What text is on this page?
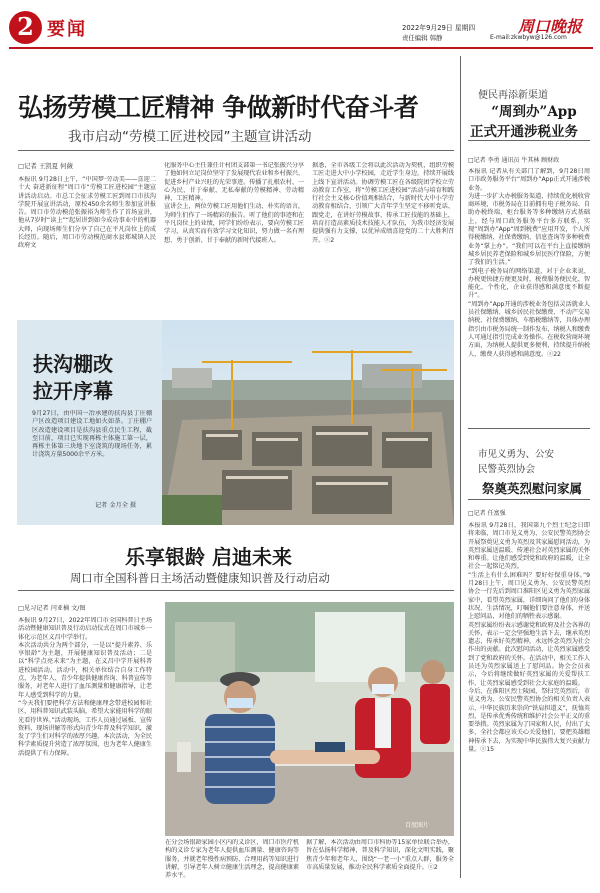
2 要闻	2022年9月29日 星期四
责任编辑 韩静
周口晚报
E-mail:zkwbyw@126.com
弘扬劳模工匠精神 争做新时代奋斗者
我市启动“劳模工匠进校园”主题宣讲活动
□记者 王凯夏 何薇
本报讯 9月28日上午，“中国梦·劳动美——喜迎二十大 奋进新征程”周口市“劳模工匠进校园”主题宣讲活动启动。市总工会征求劳模工匠到周口市扶沟学院开展宣讲活动，原校450余名师生参加宣讲报告。周口市劳动模范张振裕为师生作了首场宣讲，他从7岁时“读上”“起居讲到如今成功事业中的机器大师，向现场师生们分享了自己在平凡岗位上的成长经历。随后，周口市劳动模范商水县郑城镇人民政府文
化服务中心主任兼任计村团支部第一书记张振兴分享了他如何立足岗位坚守了发展现代农业和乡村振兴、促进乡村产业兴旺的光荣事迹。传播了扎根农村、一心为民、甘于奉献、无私奉献的劳模精神、劳动精神、工匠精神。
宣讲会上，两位劳模工匠用他们生动、朴实的语言，为师生们作了一场精彩的报告。听了他们的事迹和在平凡岗位上的业绩，同学们纷纷表示，要向劳模工匠学习，从真实而有效学习文化知识，努力做一名有理想、勇于创新、甘于奉献的新时代接班人。
据悉，全市各级工会将以此次活动为契机，组织劳模工匠走进大中小学校园，走近学生身边，持续开展线上线下宣讲活动。协调劳模工匠在各级院团学校立劳动教育工作室，将“劳模工匠进校园”活动与培育和践行社会主义核心价值观相结合，与新时代大中小学劳动教育相结合，引领广大青年学生坚定不移听党话、跟党走，在讲好劳模故事、传承工匠技能的基础上，培育打造高素质技术技能人才队伍，为我市经济发展提供强有力支撑，以优异成绩喜迎党的二十大胜利召开。ⓩ2
便民再添新渠道
“周到办”App
正式开通涉税业务
□记者 李勇 通讯员 牛其林 顾财政
本报讯 记者从有关部门了解到，9月28日周口市政务服务平台“周到办”App正式开通涉税业务。
为进一步扩大办税服务渠道，持续优化税收营商环境，市税务局在目前拥有电子税务局、自助办税终端、柜台服务等多种缴纳方式基础上，经与周口政务服务平台多方联系，实现“周到办”App“周到税费”应用开发，个人所得税缴纳、社保费缴纳、信息查询等多种税费业务“掌上办”。“我们可以在平台上直接缴纳城乡居民养老保险和城乡居民医疗保险，方便了我们的生活。”
“到电子税务局的网络渠道，对于企业来说，办税更快捷方便更及时，税费服务便民化、智能化、个性化，企业获得感和满意度不断提升”。
“周到办”App开通的涉税业务包括灵活就业人员社保缴纳、城乡居民社保缴费、不动产交易纳税、社保费缴纳、车船税缴纳等，具体办理指引由市税务局统一制作发布，纳税人和缴费人可通过指引完成业务操作。在税收营商环境方面，为纳税人提供更多便利，持续提升纳税人、缴费人获得感和满意度。ⓩ22
扶沟棚改
拉开序幕
9月27日，由中国一冶承建的扶沟县丁庄棚户区改造项目建设工地如火如荼。丁庄棚户区改造建设项目是扶沟县重点民生工程，截至目前，项目已实现再栋主体施工第一层，再栋主体第三块地下室浇筑的现场任务，累计浇筑方量5000余平方米。
记者 金月全 摄
市见义勇为、公安
民警英烈协会
祭奠英烈慰问家属
□记者 任富强
本报讯 9月28日，我国第九个烈士纪念日即将来临，周口市见义勇为、公安民警英烈协会开展祭奠见义勇为英烈及其家属慰问活动，为英烈家属送温暖、传递社会对英烈家属的关怀和尊重。让他们感受到党和政府的温暖，让全社会一起铭记英烈。
“生活上有什么困难吗？要好好保重身体。”9月28日上午，周口见义勇为、公安民警英烈协会一行先后到周口淮阳区见义勇为英烈家属家中，看望英烈家属，详细询问了他们的身体状况、生活情况，叮嘱他们要注意身体，并送上慰问品，对他们的牺牲表示感谢。
英烈家属纷纷表示感谢党和政府及社会各界的关怀，表示一定会坚强地生活下去，继承英烈遗志，传承好英烈精神，永远怀念英烈为社会作出的贡献。此次慰问活动，让英烈家属感受到了党和政府的关怀。在活动中，相关工作人员还为英烈家属送上了慰问品。协会会员表示，今后将继续做好英烈家属的关爱帮扶工作，让英烈家属感受到社会大家庭的温暖。
今后，在淮阳区烈士陵园，祭扫完英烈后，市见义勇为、公安民警英烈协会的相关负责人表示，中华民族历来崇尚“铁肩担道义”，抚恤英烈，是传承优秀传统和维护社会公平正义的重要举措。英烈家属为了国家和人民，付出了太多，全社会都应该关心关爱他们，要把英雄精神传承下去，为实现中华民族伟大复兴贡献力量。ⓩ15
乐享银龄 启迪未来
周口市全国科普日主场活动暨健康知识普及行动启动
□见习记者 闫亚楠 文/图
本报讯 9月27日，2022年周口市全国科普日主场活动暨健康知识普及行动启动仪式在周口市城乡一体化示范区义昌中学举行。
本次活动共分为两个部分，一是以“提升素养、乐享银龄”为主题，开展健康知识普及活动；二是以“科学点亮未来”为主题，在义昌中学开展科普进校园活动。活动中，相关单位结合自身工作特点，为老年人、青少年提供健康咨询、科普宣传等服务，对老年人进行了血压测量和健康指导，让老年人感受到科学的力量。
“今天我们要把科学方法和健康理念带进校园和社区，用科普知识武装头脑，希望大家能用科学的眼光看待世界。”活动现场，工作人员通过展板、宣传资料、现场讲解等形式向青少年普及科学知识，激发了学生们对科学的浓厚兴趣。本次活动，为全民科学素质提升营造了浓厚氛围，也为老年人健康生活提供了有力保障。
百度图片
在分会场银龄家园小区内的义诊区，周口市医疗机构的义诊专家为老年人提供血压测量、健康咨询等服务，并就老年慢性病预防、合理用药等知识进行讲解，引导老年人树立健康生活理念，提高健康素养水平。
据了解，本次活动由周口市科协等15家单位联合举办，旨在弘扬科学精神，普及科学知识，深化文明实践，聚焦青少年和老年人，围绕“一老一小”重点人群，服务全市高质量发展，推动全民科学素质全面提升。ⓩ2
